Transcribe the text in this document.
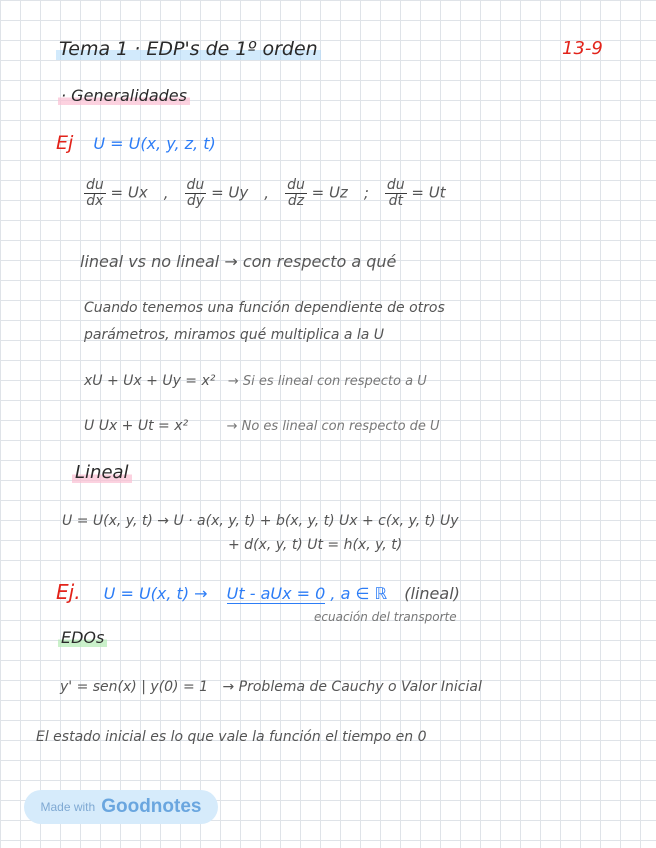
Tema 1 · EDP's de 1º orden	13-9
· Generalidades
Ej U = U(x, y, z, t)
$\frac{du}{dx} = Ux$	,	$\frac{du}{dy} = Uy$	,	$\frac{du}{dz} = Uz$	;	$\frac{du}{dt} = Ut$
lineal vs no lineal → con respecto a qué
Cuando tenemos una función dependiente de otros
parámetros, miramos qué multiplica a la U
xU + Ux + Uy = x² → Si es lineal con respecto a U
U Ux + Ut = x²	→ No es lineal con respecto de U
Lineal
U = U(x, y, t) → U · a(x, y, t) + b(x, y, t) Ux + c(x, y, t) Uy
+ d(x, y, t) Ut = h(x, y, t)
Ej. U = U(x, t) → Ut - aUx = 0 , a ∈ ℝ (lineal)
ecuación del transporte
EDOs
y' = sen(x) | y(0) = 1 → Problema de Cauchy o Valor Inicial
El estado inicial es lo que vale la función el tiempo en 0
Made with Goodnotes
